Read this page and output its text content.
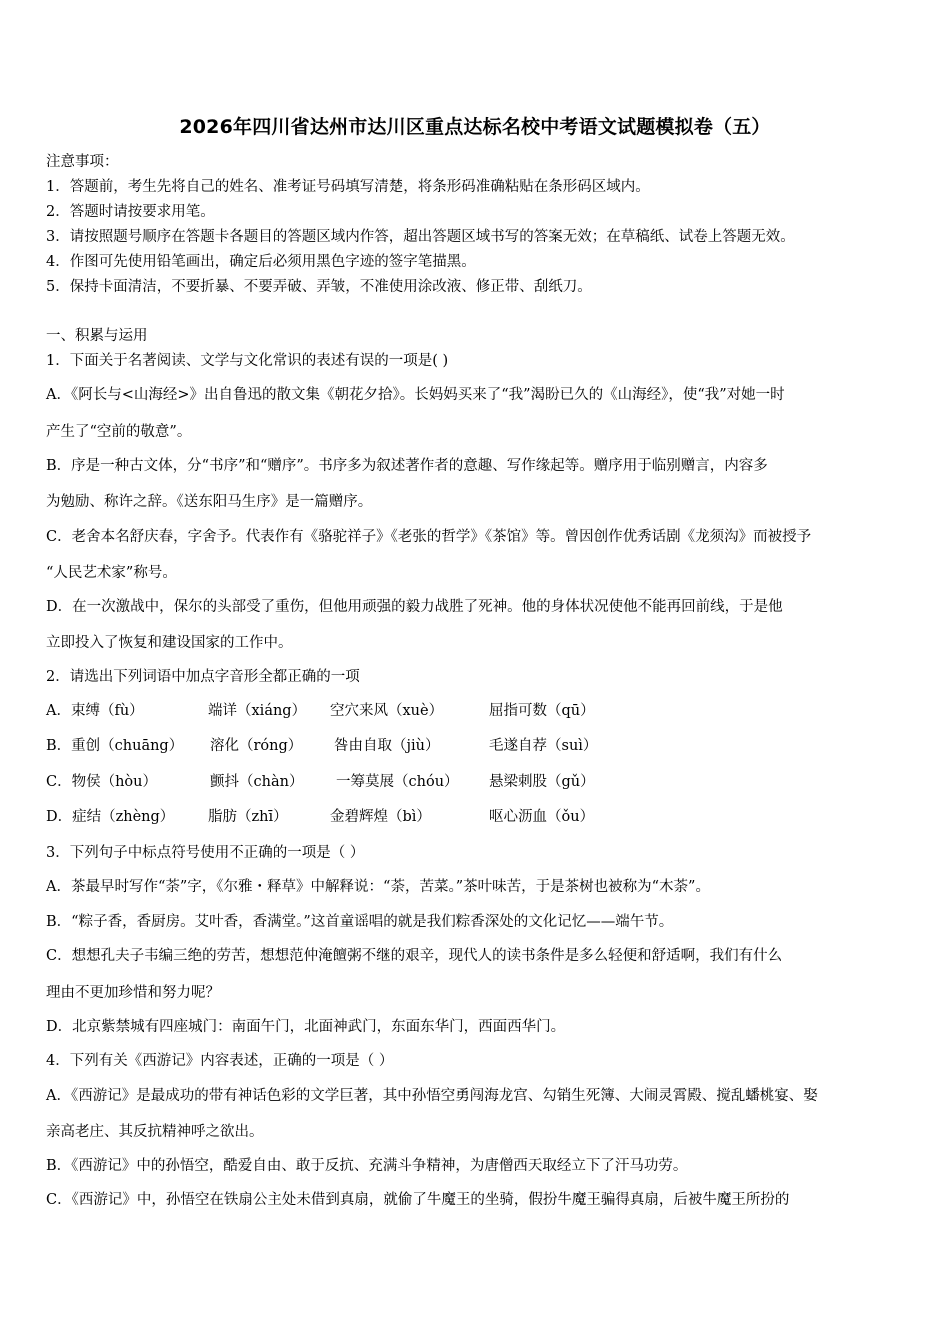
2026年四川省达州市达川区重点达标名校中考语文试题模拟卷（五）
注意事项：
1．答题前，考生先将自己的姓名、准考证号码填写清楚，将条形码准确粘贴在条形码区域内。
2．答题时请按要求用笔。
3．请按照题号顺序在答题卡各题目的答题区域内作答，超出答题区域书写的答案无效；在草稿纸、试卷上答题无效。
4．作图可先使用铅笔画出，确定后必须用黑色字迹的签字笔描黑。
5．保持卡面清洁，不要折暴、不要弄破、弄皱，不准使用涂改液、修正带、刮纸刀。
一、积累与运用
1．下面关于名著阅读、文学与文化常识的表述有误的一项是( )
A．《阿长与<山海经>》出自鲁迅的散文集《朝花夕拾》。长妈妈买来了“我”渴盼已久的《山海经》，使“我”对她一时
产生了“空前的敬意”。
B．序是一种古文体，分“书序”和“赠序”。书序多为叙述著作者的意趣、写作缘起等。赠序用于临别赠言，内容多
为勉励、称许之辞。《送东阳马生序》是一篇赠序。
C．老舍本名舒庆春，字舍予。代表作有《骆驼祥子》《老张的哲学》《茶馆》等。曾因创作优秀话剧《龙须沟》而被授予
“人民艺术家”称号。
D．在一次激战中，保尔的头部受了重伤，但他用顽强的毅力战胜了死神。他的身体状况使他不能再回前线，于是他
立即投入了恢复和建设国家的工作中。
2．请选出下列词语中加点字音形全都正确的一项
A．束缚（fù）	端详（xiáng） 空穴来风（xuè）	屈指可数（qū）
B．重创（chuāng） 溶化（róng） 咎由自取（jiù）	毛遂自荐（suì）
C．物侯（hòu）	颤抖（chàn） 一筹莫展（chóu） 悬梁刺股（gǔ）
D．症结（zhèng） 脂肪（zhī）	金碧辉煌（bì）	呕心沥血（ǒu）
3．下列句子中标点符号使用不正确的一项是（ ）
A．茶最早时写作“荼”字，《尔雅・释草》中解释说：“荼，苦菜。”茶叶味苦，于是茶树也被称为“木荼”。
B．“粽子香，香厨房。艾叶香，香满堂。”这首童谣唱的就是我们粽香深处的文化记忆——端午节。
C．想想孔夫子韦编三绝的劳苦，想想范仲淹饘粥不继的艰辛，现代人的读书条件是多么轻便和舒适啊，我们有什么
理由不更加珍惜和努力呢？
D．北京紫禁城有四座城门：南面午门，北面神武门，东面东华门，西面西华门。
4．下列有关《西游记》内容表述，正确的一项是（ ）
A．《西游记》是最成功的带有神话色彩的文学巨著，其中孙悟空勇闯海龙宫、勾销生死簿、大闹灵霄殿、搅乱蟠桃宴、娶
亲高老庄、其反抗精神呼之欲出。
B．《西游记》中的孙悟空，酷爱自由、敢于反抗、充满斗争精神，为唐僧西天取经立下了汗马功劳。
C．《西游记》中，孙悟空在铁扇公主处未借到真扇，就偷了牛魔王的坐骑，假扮牛魔王骗得真扇，后被牛魔王所扮的
